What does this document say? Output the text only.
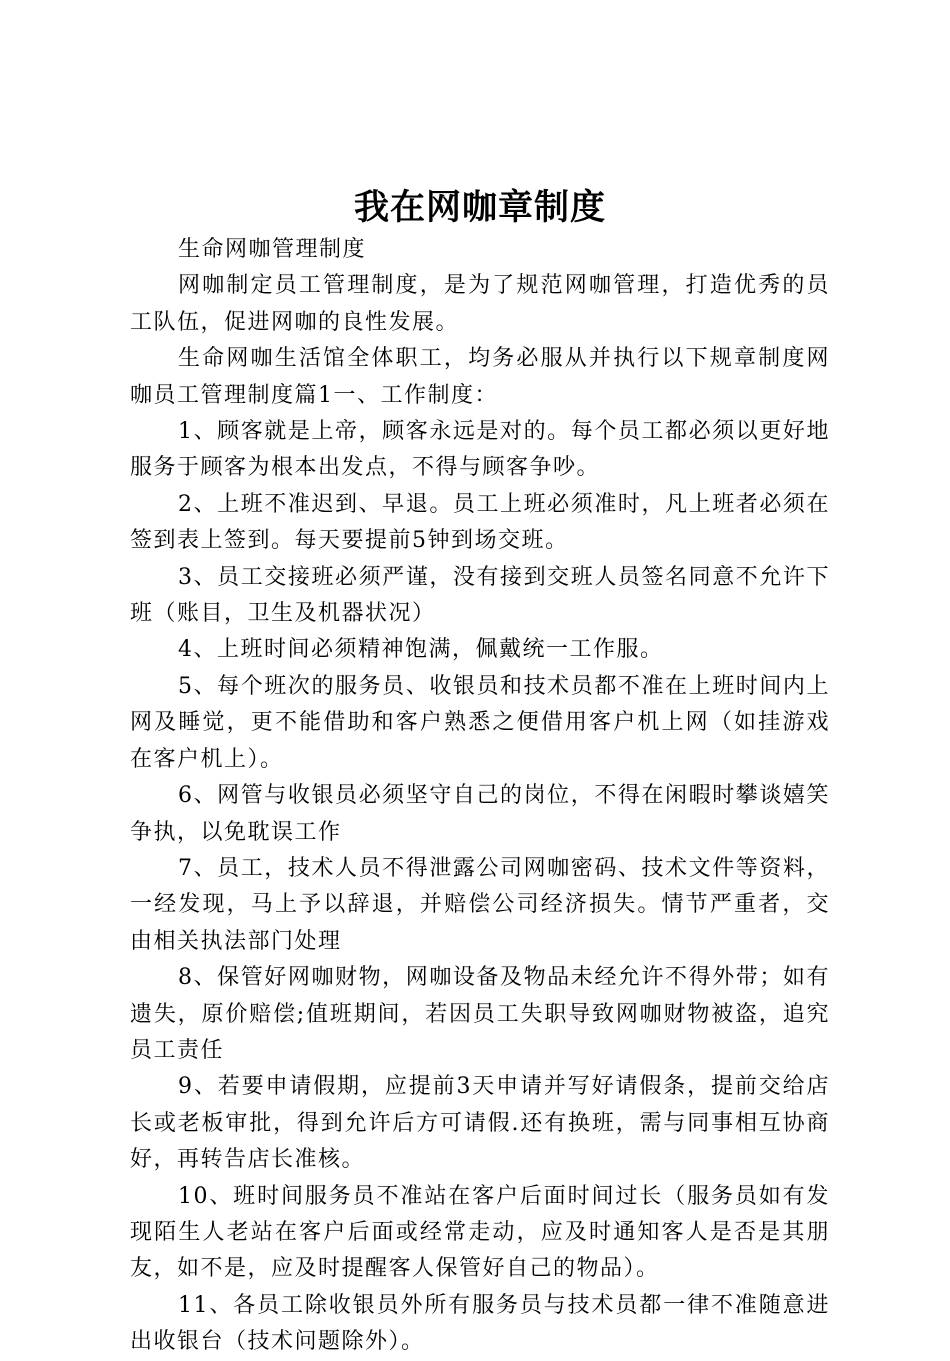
我在网咖章制度

生命网咖管理制度

网咖制定员工管理制度，是为了规范网咖管理，打造优秀的员工队伍，促进网咖的良性发展。

生命网咖生活馆全体职工，均务必服从并执行以下规章制度网咖员工管理制度篇1一、工作制度：

1、顾客就是上帝，顾客永远是对的。每个员工都必须以更好地服务于顾客为根本出发点，不得与顾客争吵。

2、上班不准迟到、早退。员工上班必须准时，凡上班者必须在签到表上签到。每天要提前5钟到场交班。

3、员工交接班必须严谨，没有接到交班人员签名同意不允许下班（账目，卫生及机器状况）

4、上班时间必须精神饱满，佩戴统一工作服。

5、每个班次的服务员、收银员和技术员都不准在上班时间内上网及睡觉，更不能借助和客户熟悉之便借用客户机上网（如挂游戏在客户机上）。

6、网管与收银员必须坚守自己的岗位，不得在闲暇时攀谈嬉笑争执，以免耽误工作

7、员工，技术人员不得泄露公司网咖密码、技术文件等资料，一经发现，马上予以辞退，并赔偿公司经济损失。情节严重者，交由相关执法部门处理

8、保管好网咖财物，网咖设备及物品未经允许不得外带；如有遗失，原价赔偿;值班期间，若因员工失职导致网咖财物被盗，追究员工责任

9、若要申请假期，应提前3天申请并写好请假条，提前交给店长或老板审批，得到允许后方可请假.还有换班，需与同事相互协商好，再转告店长准核。

10、班时间服务员不准站在客户后面时间过长（服务员如有发现陌生人老站在客户后面或经常走动，应及时通知客人是否是其朋友，如不是，应及时提醒客人保管好自己的物品）。

11、各员工除收银员外所有服务员与技术员都一律不准随意进出收银台（技术问题除外）。
